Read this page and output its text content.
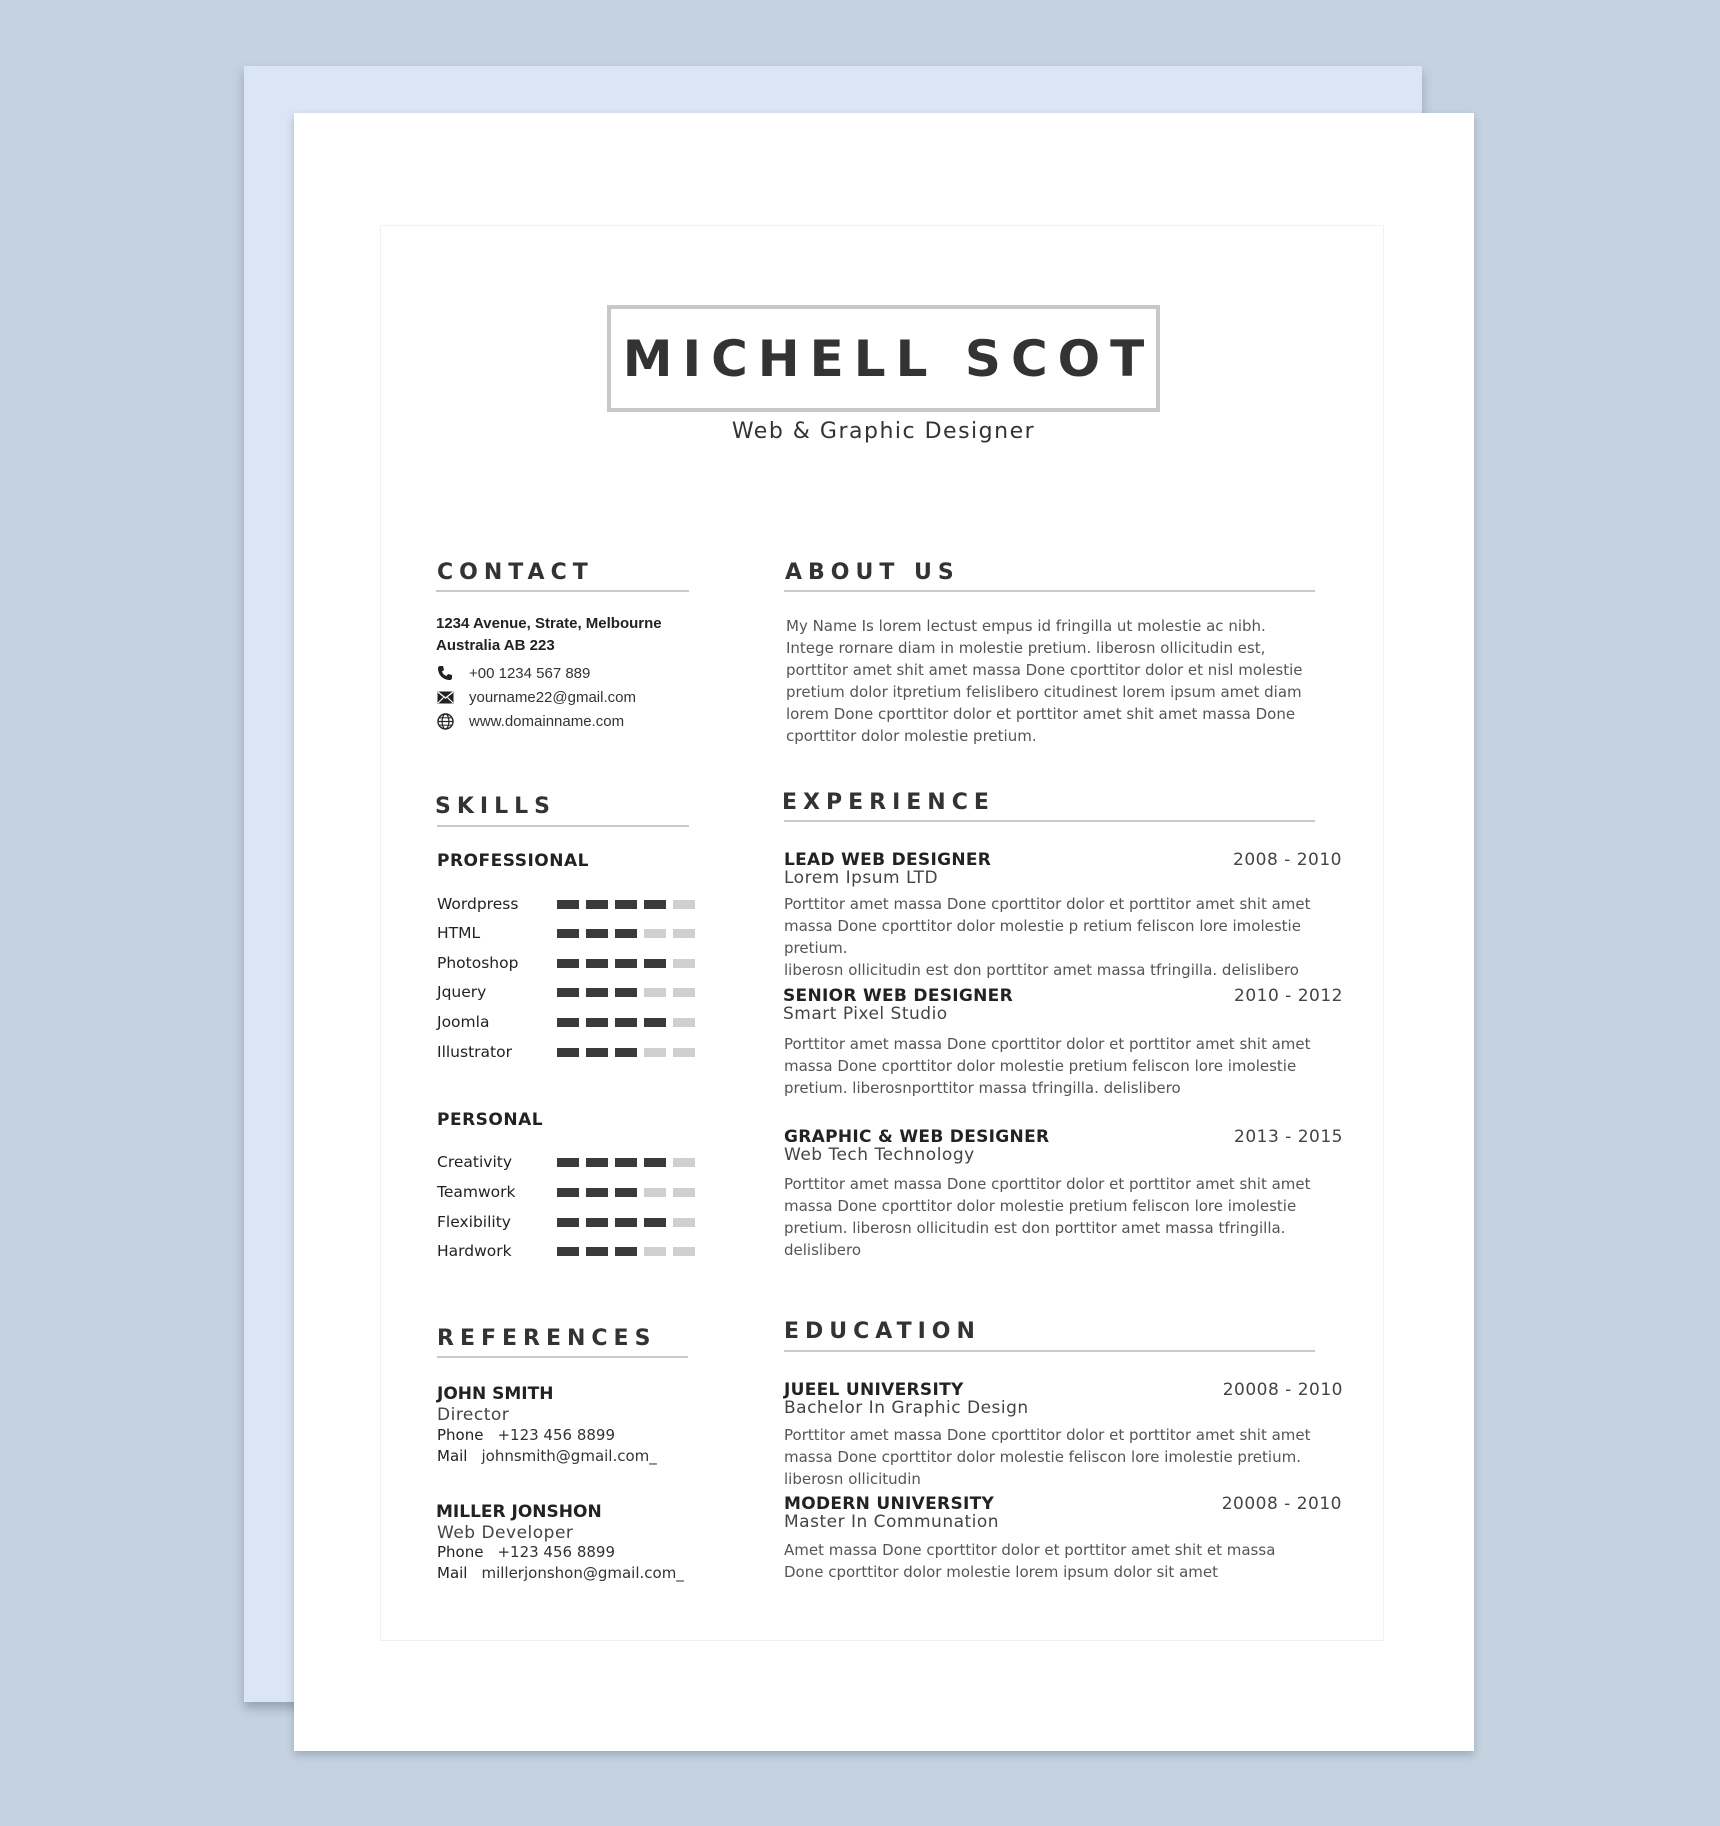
MICHELL SCOT
Web & Graphic Designer
CONTACT
1234 Avenue, Strate, Melbourne
Australia AB 223
+00 1234 567 889
yourname22@gmail.com
www.domainname.com
ABOUT US
My Name Is lorem lectust empus id fringilla ut molestie ac nibh.
Intege rornare diam in molestie pretium. liberosn ollicitudin est,
porttitor amet shit amet massa Done cporttitor dolor et nisl molestie
pretium dolor itpretium felislibero citudinest lorem ipsum amet diam
lorem Done cporttitor dolor et porttitor amet shit amet massa Done
cporttitor dolor molestie pretium.
SKILLS
PROFESSIONAL
Wordpress
HTML
Photoshop
Jquery
Joomla
Illustrator
PERSONAL
Creativity
Teamwork
Flexibility
Hardwork
EXPERIENCE
LEAD WEB DESIGNER	2008 - 2010
Lorem Ipsum LTD
Porttitor amet massa Done cporttitor dolor et porttitor amet shit amet
massa Done cporttitor dolor molestie p retium feliscon lore imolestie
pretium.
liberosn ollicitudin est don porttitor amet massa tfringilla. delislibero
SENIOR WEB DESIGNER	2010 - 2012
Smart Pixel Studio
Porttitor amet massa Done cporttitor dolor et porttitor amet shit amet
massa Done cporttitor dolor molestie pretium feliscon lore imolestie
pretium. liberosnporttitor massa tfringilla. delislibero
GRAPHIC & WEB DESIGNER	2013 - 2015
Web Tech Technology
Porttitor amet massa Done cporttitor dolor et porttitor amet shit amet
massa Done cporttitor dolor molestie pretium feliscon lore imolestie
pretium. liberosn ollicitudin est don porttitor amet massa tfringilla.
delislibero
REFERENCES
JOHN SMITH
Director
Phone +123 456 8899
Mail johnsmith@gmail.com_
MILLER JONSHON
Web Developer
Phone +123 456 8899
Mail millerjonshon@gmail.com_
EDUCATION
JUEEL UNIVERSITY	20008 - 2010
Bachelor In Graphic Design
Porttitor amet massa Done cporttitor dolor et porttitor amet shit amet
massa Done cporttitor dolor molestie feliscon lore imolestie pretium.
liberosn ollicitudin
MODERN UNIVERSITY	20008 - 2010
Master In Communation
Amet massa Done cporttitor dolor et porttitor amet shit et massa
Done cporttitor dolor molestie lorem ipsum dolor sit amet
